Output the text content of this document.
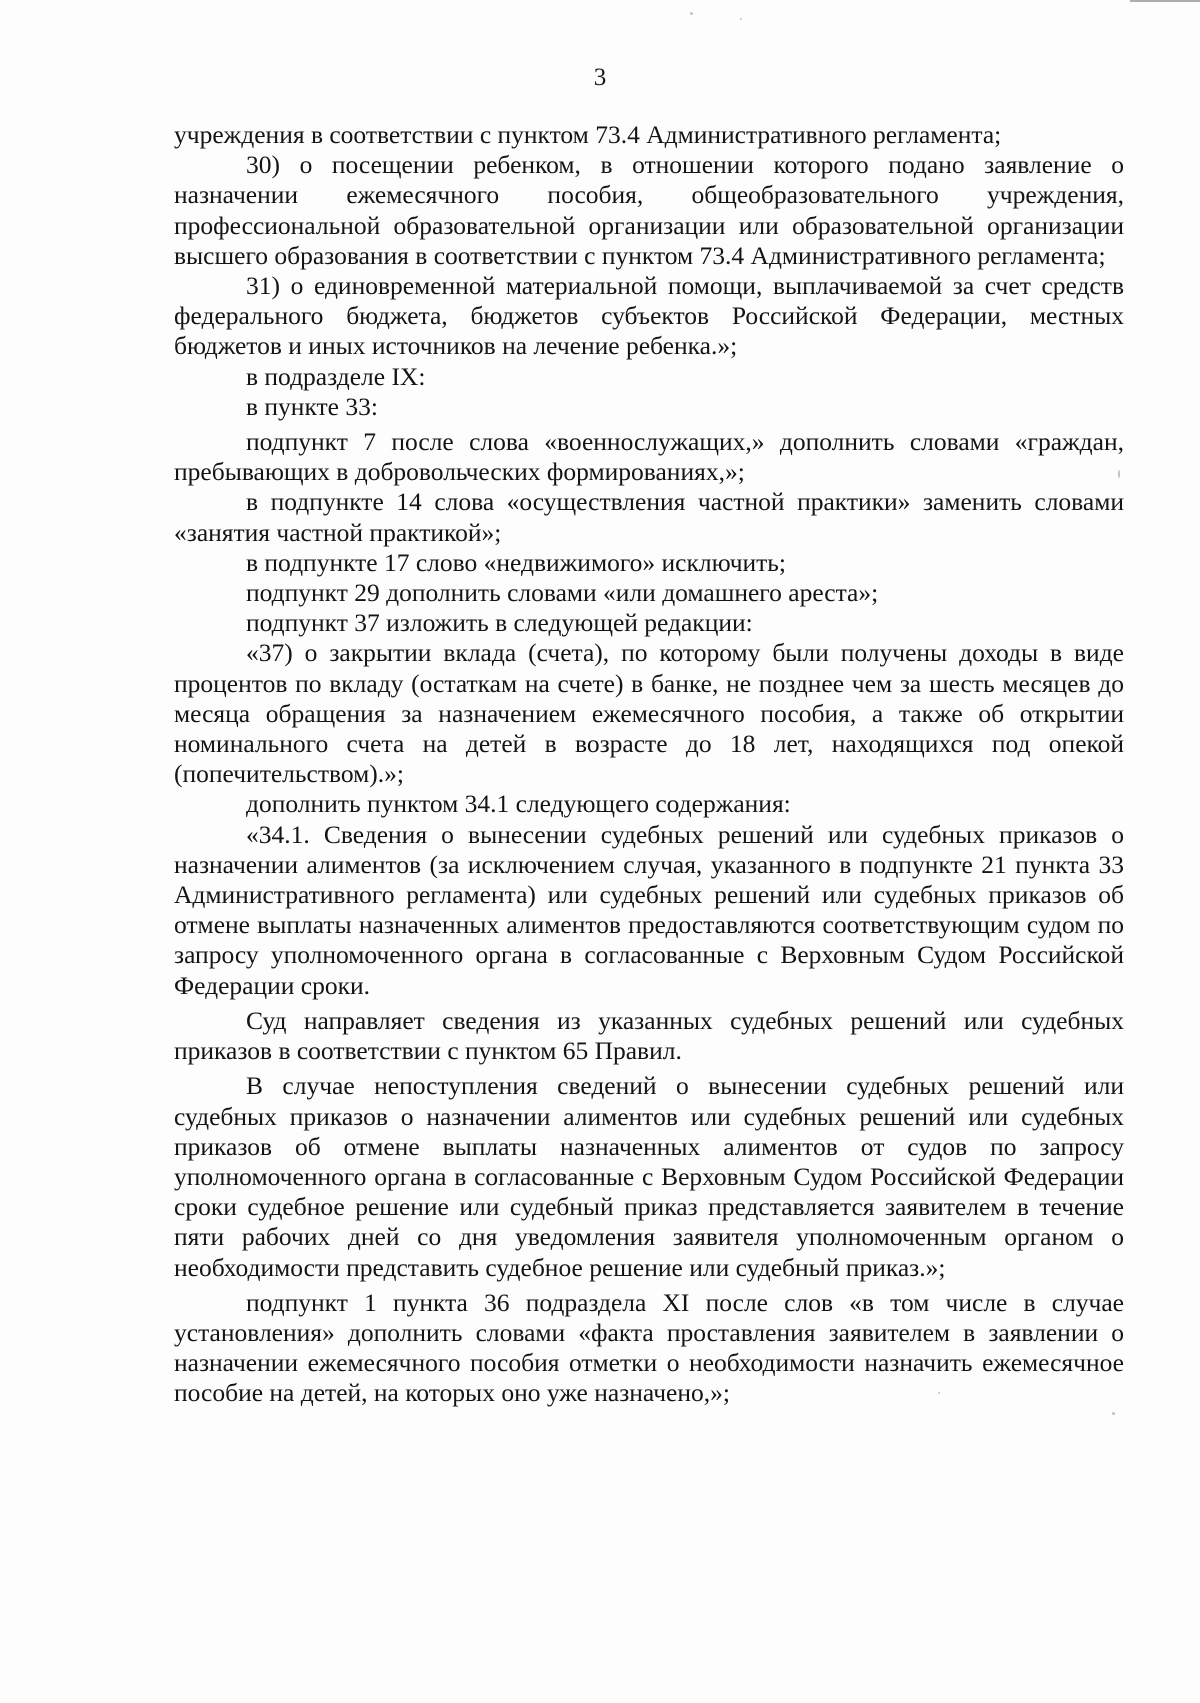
3

учреждения в соответствии с пунктом 73.4 Административного регламента;

30) о посещении ребенком, в отношении которого подано заявление о назначении ежемесячного пособия, общеобразовательного учреждения, профессиональной образовательной организации или образовательной организации высшего образования в соответствии с пунктом 73.4 Административного регламента;

31) о единовременной материальной помощи, выплачиваемой за счет средств федерального бюджета, бюджетов субъектов Российской Федерации, местных бюджетов и иных источников на лечение ребенка.»;

в подразделе IX:

в пункте 33:

подпункт 7 после слова «военнослужащих,» дополнить словами «граждан, пребывающих в добровольческих формированиях,»;

в подпункте 14 слова «осуществления частной практики» заменить словами «занятия частной практикой»;

в подпункте 17 слово «недвижимого» исключить;

подпункт 29 дополнить словами «или домашнего ареста»;

подпункт 37 изложить в следующей редакции:

«37) о закрытии вклада (счета), по которому были получены доходы в виде процентов по вкладу (остаткам на счете) в банке, не позднее чем за шесть месяцев до месяца обращения за назначением ежемесячного пособия, а также об открытии номинального счета на детей в возрасте до 18 лет, находящихся под опекой (попечительством).»;

дополнить пунктом 34.1 следующего содержания:

«34.1. Сведения о вынесении судебных решений или судебных приказов о назначении алиментов (за исключением случая, указанного в подпункте 21 пункта 33 Административного регламента) или судебных решений или судебных приказов об отмене выплаты назначенных алиментов предоставляются соответствующим судом по запросу уполномоченного органа в согласованные с Верховным Судом Российской Федерации сроки.

Суд направляет сведения из указанных судебных решений или судебных приказов в соответствии с пунктом 65 Правил.

В случае непоступления сведений о вынесении судебных решений или судебных приказов о назначении алиментов или судебных решений или судебных приказов об отмене выплаты назначенных алиментов от судов по запросу уполномоченного органа в согласованные с Верховным Судом Российской Федерации сроки судебное решение или судебный приказ представляется заявителем в течение пяти рабочих дней со дня уведомления заявителя уполномоченным органом о необходимости представить судебное решение или судебный приказ.»;

подпункт 1 пункта 36 подраздела XI после слов «в том числе в случае установления» дополнить словами «факта проставления заявителем в заявлении о назначении ежемесячного пособия отметки о необходимости назначить ежемесячное пособие на детей, на которых оно уже назначено,»;
